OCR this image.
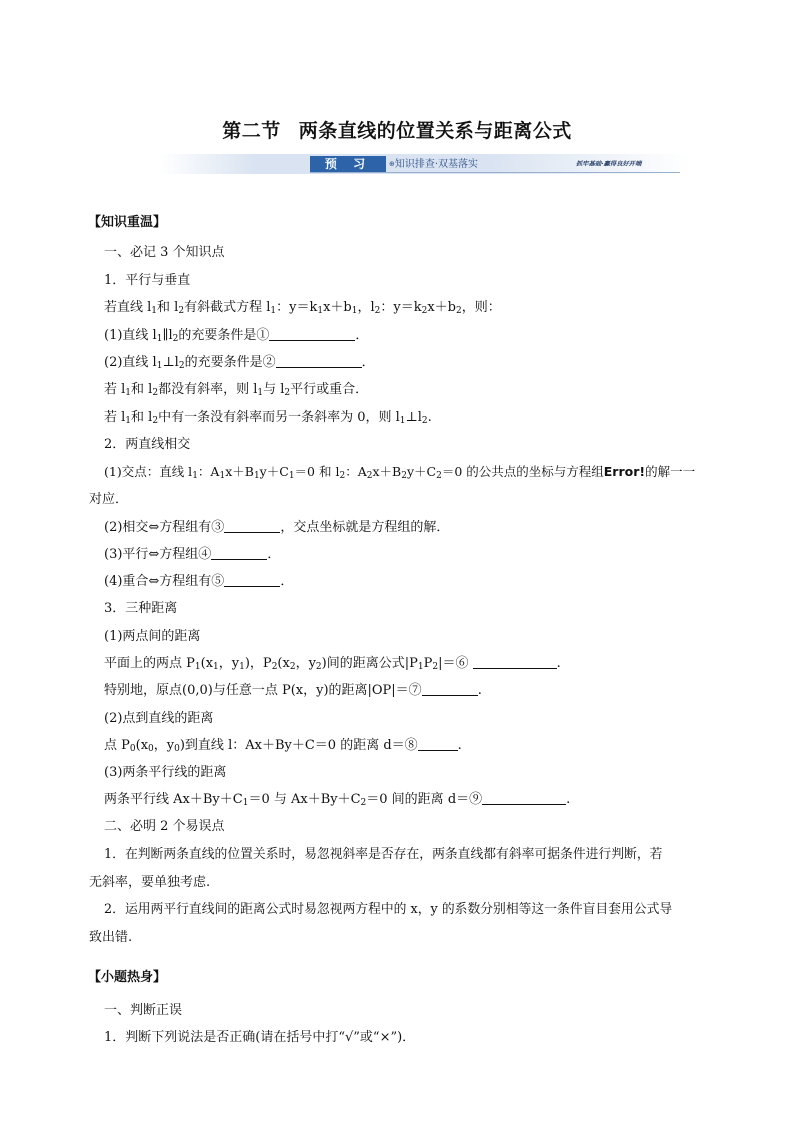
第二节 两条直线的位置关系与距离公式
预 习	⊕知识排查·双基落实	抓牢基础·赢得良好开端

【知识重温】

一、必记 3 个知识点

1．平行与垂直

若直线 $l_1$和 $l_2$有斜截式方程 $l_1$：$y=k_1x+b_1$，$l_2$：$y=k_2x+b_2$，则：

(1)直线 $l_1\parallel l_2$的充要条件是①	．

(2)直线 $l_1\perp l_2$的充要条件是②	．

若 $l_1$和 $l_2$都没有斜率，则 $l_1$与 $l_2$平行或重合．

若 $l_1$和 $l_2$中有一条没有斜率而另一条斜率为 0，则 $l_1\perp l_2$.

2．两直线相交

(1)交点：直线 $l_1$：$A_1x+B_1y+C_1=0$ 和 $l_2$：$A_2x+B_2y+C_2=0$ 的公共点的坐标与方程组Error!的解一一

对应．

(2)相交⇔方程组有③	，交点坐标就是方程组的解．

(3)平行⇔方程组④	．

(4)重合⇔方程组有⑤	．

3．三种距离

(1)两点间的距离

平面上的两点 $P_1(x_1$，$y_1$)，$P_2(x_2$，$y_2$)间的距离公式$|P_1P_2|=⑥$	.

特别地，原点(0,0)与任意一点 P(x，y)的距离|OP|＝⑦	.

(2)点到直线的距离

点 $P_0(x_0$，$y_0$)到直线 l：Ax＋By＋C＝0 的距离 d＝⑧	.

(3)两条平行线的距离

两条平行线 $Ax+By+C_1=0$ 与 $Ax+By+C_2=0$ 间的距离 d＝⑨	.

二、必明 2 个易误点

1．在判断两条直线的位置关系时，易忽视斜率是否存在，两条直线都有斜率可据条件进行判断，若

无斜率，要单独考虑.

2．运用两平行直线间的距离公式时易忽视两方程中的 x，y 的系数分别相等这一条件盲目套用公式导

致出错.

【小题热身】

一、判断正误

1．判断下列说法是否正确(请在括号中打“√”或“×”)．
